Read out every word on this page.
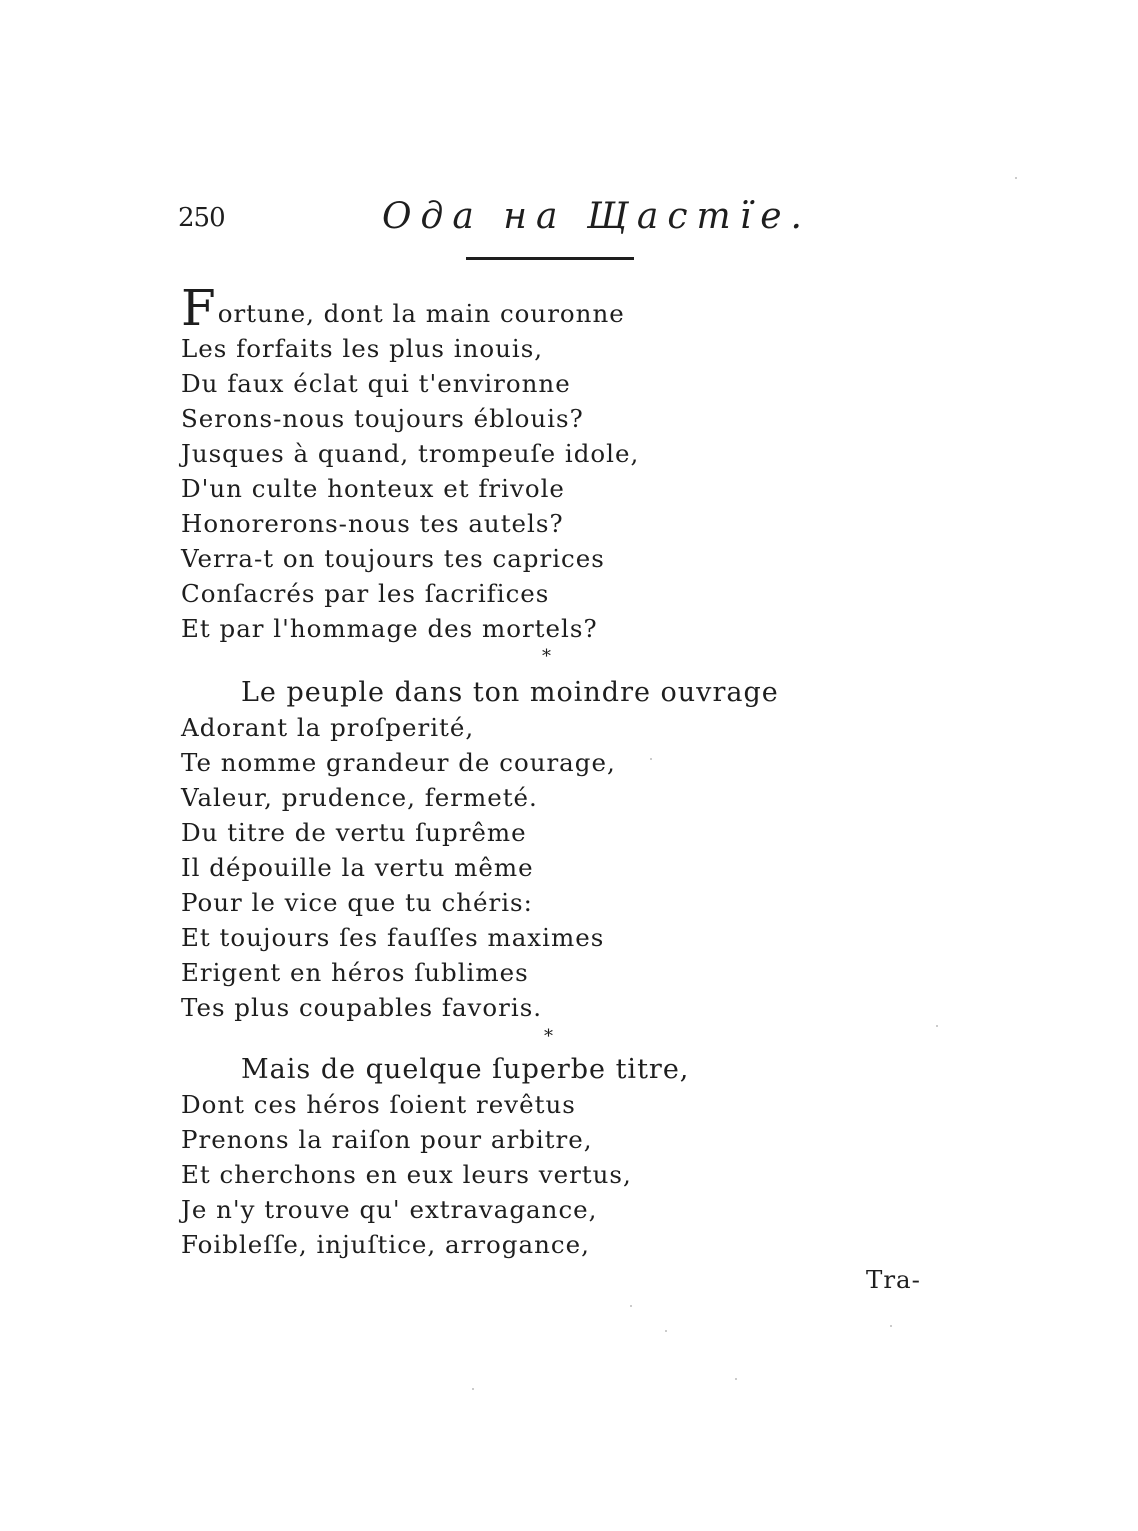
250	Ода на Щастїе.
Fortune, dont la main couronne
Les forfaits les plus inouis,
Du faux éclat qui t'environne
Serons-nous toujours éblouis?
Jusques à quand, trompeuſe idole,
D'un culte honteux et frivole
Honorerons-nous tes autels?
Verra-t on toujours tes caprices
Conſacrés par les ſacrifices
Et par l'hommage des mortels?
*
Le peuple dans ton moindre ouvrage
Adorant la proſperité,
Te nomme grandeur de courage,
Valeur, prudence, fermeté.
Du titre de vertu ſuprême
Il dépouille la vertu même
Pour le vice que tu chéris:
Et toujours ſes fauſſes maximes
Erigent en héros ſublimes
Tes plus coupables favoris.
*
Mais de quelque ſuperbe titre,
Dont ces héros ſoient revêtus
Prenons la raiſon pour arbitre,
Et cherchons en eux leurs vertus,
Je n'y trouve qu' extravagance,
Foibleſſe, injuſtice, arrogance,
Tra-
